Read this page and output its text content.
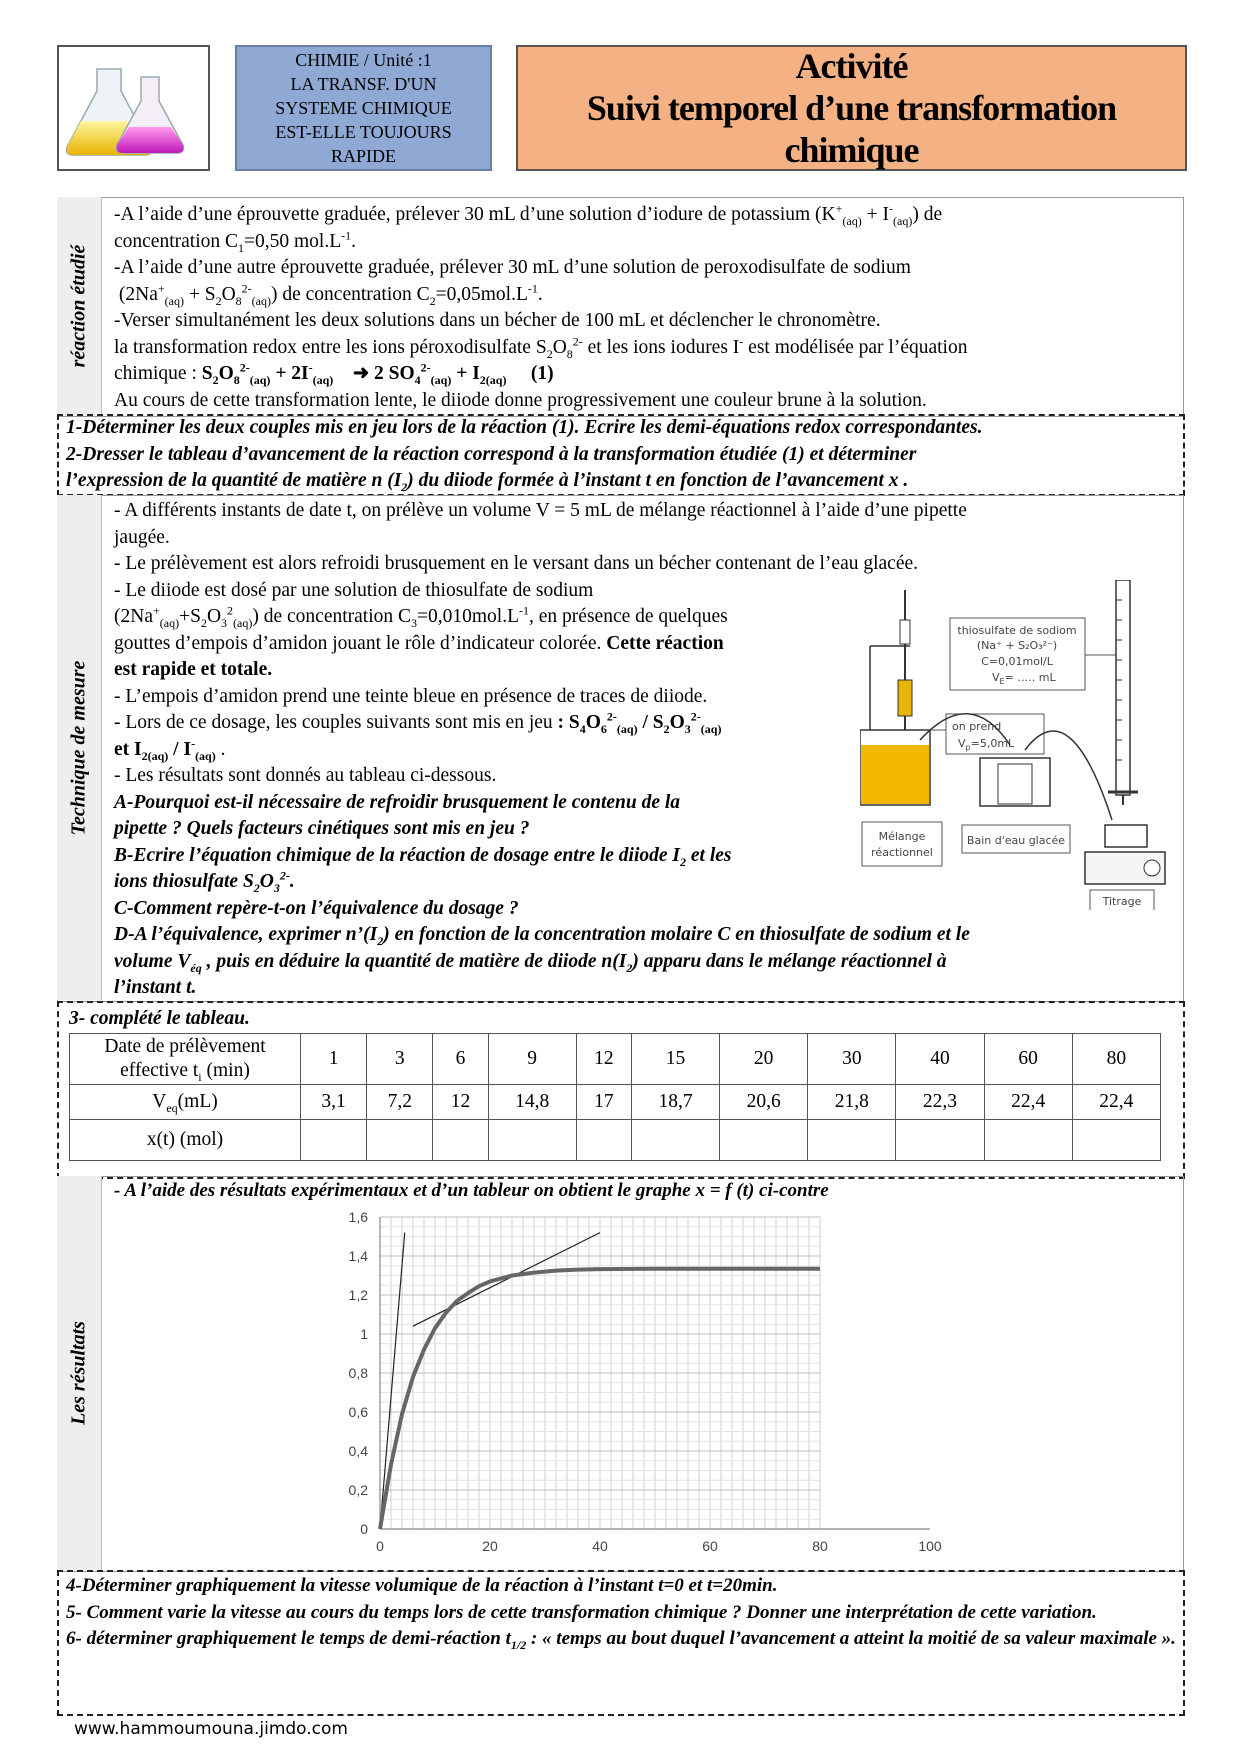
CHIMIE / Unité :1
LA TRANSF. D'UN
SYSTEME CHIMIQUE
EST-ELLE TOUJOURS
RAPIDE
Activité
Suivi temporel d’une transformation chimique
réaction étudié
-A l’aide d’une éprouvette graduée, prélever 30 mL d’une solution d’iodure de potassium $(K^+_{(aq)} + I^-_{(aq)})$ de
concentration $C_1=0,50$ $mol.L^{-1}$.
-A l’aide d’une autre éprouvette graduée, prélever 30 mL d’une solution de peroxodisulfate de sodium
$(2Na^+_{(aq)} + S_2O_8^{2-}_{(aq)})$ de concentration $C_2=0,05mol.L^{-1}$.
-Verser simultanément les deux solutions dans un bécher de 100 mL et déclencher le chronomètre.
la transformation redox entre les ions péroxodisulfate $S_2O_8^{2-}$ et les ions iodures I- est modélisée par l’équation
chimique : $S_2O_8^{2-}_{(aq)} + 2I^-_{(aq)}$ ➜ 2 $SO_4^{2-}_{(aq)} + I_{2(aq)}$     (1)
Au cours de cette transformation lente, le diiode donne progressivement une couleur brune à la solution.
1-Déterminer les deux couples mis en jeu lors de la réaction (1). Ecrire les demi-équations redox correspondantes.
2-Dresser le tableau d’avancement de la réaction correspond à la transformation étudiée (1) et déterminer
l’expression de la quantité de matière n $(I_2)$ du diiode formée à l’instant t en fonction de l’avancement x .
Technique de mesure
- A différents instants de date t, on prélève un volume V = 5 mL de mélange réactionnel à l’aide d’une pipette
jaugée.
- Le prélèvement est alors refroidi brusquement en le versant dans un bécher contenant de l’eau glacée.
- Le diiode est dosé par une solution de thiosulfate de sodium
$(2Na^+_{(aq)}+S_2O_3^2_{(aq)})$ de concentration $C_3=0,010mol.L^{-1}$, en présence de quelques
gouttes d’empois d’amidon jouant le rôle d’indicateur colorée. Cette réaction
est rapide et totale.
- L’empois d’amidon prend une teinte bleue en présence de traces de diiode.
- Lors de ce dosage, les couples suivants sont mis en jeu : $S_4O_6^{2-}_{(aq)} / S_2O_3^{2-}_{(aq)}$
et $I_{2(aq)} / I^-_{(aq)}$ .
- Les résultats sont donnés au tableau ci-dessous.
A-Pourquoi est-il nécessaire de refroidir brusquement le contenu de la
pipette ? Quels facteurs cinétiques sont mis en jeu ?
B-Ecrire l’équation chimique de la réaction de dosage entre le diiode $I_2$ et les
ions thiosulfate $S_2O_3^{2-}$.
C-Comment repère-t-on l’équivalence du dosage ?
D-A l’équivalence, exprimer $n’(I_2)$ en fonction de la concentration molaire C en thiosulfate de sodium et le
volume $V_{éq}$ , puis en déduire la quantité de matière de diiode $n(I_2)$ apparu dans le mélange réactionnel à
l’instant t.
thiosulfate de sodiom
(Na⁺ + S₂O₃²⁻)
C=0,01mol/L
$V_E=$ ….. mL
on prend
$V_p=5,0mL$
Mélange
réactionnel
Bain d'eau glacée
Titrage
3- complété le tableau.
Date de prélèvement
effective $t_i$ (min)	1	3	6	9	12	15	20	30	40	60	80
$V_{eq}(mL)$	3,1	7,2	12	14,8	17	18,7	20,6	21,8	22,3	22,4	22,4
x(t) (mol)											
Les résultats
- A l’aide des résultats expérimentaux et d’un tableur on obtient le graphe x = f (t) ci-contre
0	20	40	60	80	100
0
0,2
0,4
0,6
0,8
1
1,2
1,4
1,6
4-Déterminer graphiquement la vitesse volumique de la réaction à l’instant t=0 et t=20min.
5- Comment varie la vitesse au cours du temps lors de cette transformation chimique ? Donner une interprétation de cette variation.
6- déterminer graphiquement le temps de demi-réaction $t_{1/2}$ : « temps au bout duquel l’avancement a atteint la moitié de sa valeur maximale ».
www.hammoumouna.jimdo.com
